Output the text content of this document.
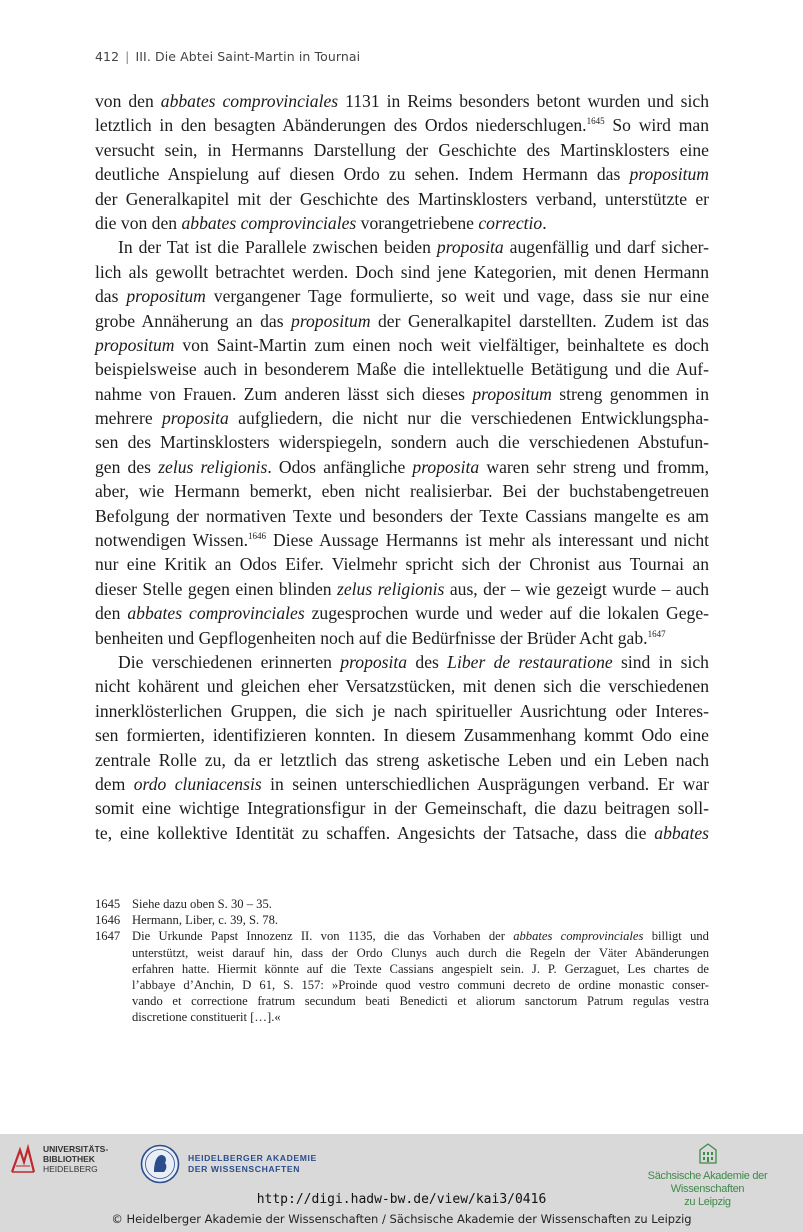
412 | III. Die Abtei Saint-Martin in Tournai
von den abbates comprovinciales 1131 in Reims besonders betont wurden und sich
letztlich in den besagten Abänderungen des Ordos niederschlugen.$^{1645}$ So wird man
versucht sein, in Hermanns Darstellung der Geschichte des Martinsklosters eine
deutliche Anspielung auf diesen Ordo zu sehen. Indem Hermann das propositum
der Generalkapitel mit der Geschichte des Martinsklosters verband, unterstützte er
die von den abbates comprovinciales vorangetriebene correctio.
In der Tat ist die Parallele zwischen beiden proposita augenfällig und darf sicher-
lich als gewollt betrachtet werden. Doch sind jene Kategorien, mit denen Hermann
das propositum vergangener Tage formulierte, so weit und vage, dass sie nur eine
grobe Annäherung an das propositum der Generalkapitel darstellten. Zudem ist das
propositum von Saint-Martin zum einen noch weit vielfältiger, beinhaltete es doch
beispielsweise auch in besonderem Maße die intellektuelle Betätigung und die Auf-
nahme von Frauen. Zum anderen lässt sich dieses propositum streng genommen in
mehrere proposita aufgliedern, die nicht nur die verschiedenen Entwicklungspha-
sen des Martinsklosters widerspiegeln, sondern auch die verschiedenen Abstufun-
gen des zelus religionis. Odos anfängliche proposita waren sehr streng und fromm,
aber, wie Hermann bemerkt, eben nicht realisierbar. Bei der buchstabengetreuen
Befolgung der normativen Texte und besonders der Texte Cassians mangelte es am
notwendigen Wissen.$^{1646}$ Diese Aussage Hermanns ist mehr als interessant und nicht
nur eine Kritik an Odos Eifer. Vielmehr spricht sich der Chronist aus Tournai an
dieser Stelle gegen einen blinden zelus religionis aus, der – wie gezeigt wurde – auch
den abbates comprovinciales zugesprochen wurde und weder auf die lokalen Gege-
benheiten und Gepflogenheiten noch auf die Bedürfnisse der Brüder Acht gab.$^{1647}$
Die verschiedenen erinnerten proposita des Liber de restauratione sind in sich
nicht kohärent und gleichen eher Versatzstücken, mit denen sich die verschiedenen
innerklösterlichen Gruppen, die sich je nach spiritueller Ausrichtung oder Interes-
sen formierten, identifizieren konnten. In diesem Zusammenhang kommt Odo eine
zentrale Rolle zu, da er letztlich das streng asketische Leben und ein Leben nach
dem ordo cluniacensis in seinen unterschiedlichen Ausprägungen verband. Er war
somit eine wichtige Integrationsfigur in der Gemeinschaft, die dazu beitragen soll-
te, eine kollektive Identität zu schaffen. Angesichts der Tatsache, dass die abbates
1645 Siehe dazu oben S. 30 – 35.
1646 Hermann, Liber, c. 39, S. 78.
1647 Die Urkunde Papst Innozenz II. von 1135, die das Vorhaben der abbates comprovinciales billigt und
unterstützt, weist darauf hin, dass der Ordo Clunys auch durch die Regeln der Väter Abänderungen
erfahren hatte. Hiermit könnte auf die Texte Cassians angespielt sein. J. P. Gerzaguet, Les chartes de
l’abbaye d’Anchin, D 61, S. 157: »Proinde quod vestro communi decreto de ordine monastic conser-
vando et correctione fratrum secundum beati Benedicti et aliorum sanctorum Patrum regulas vestra
discretione constituerit […].«
UNIVERSITÄTS-
BIBLIOTHEK
HEIDELBERG
HEIDELBERGER AKADEMIE
DER WISSENSCHAFTEN
Sächsische Akademie der Wissenschaften
zu Leipzig
http://digi.hadw-bw.de/view/kai3/0416
© Heidelberger Akademie der Wissenschaften / Sächsische Akademie der Wissenschaften zu Leipzig
